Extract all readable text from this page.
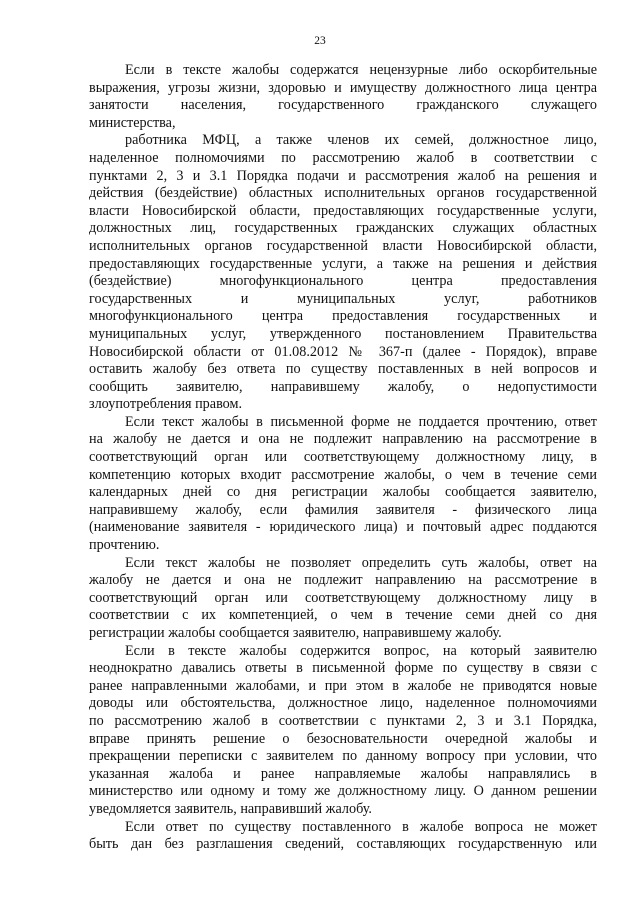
23
Если в тексте жалобы содержатся нецензурные либо оскорбительные
выражения, угрозы жизни, здоровью и имуществу должностного лица центра
занятости населения, государственного гражданского служащего
министерства,
работника МФЦ, а также членов их семей, должностное лицо,
наделенное полномочиями по рассмотрению жалоб в соответствии с
пунктами 2, 3 и 3.1 Порядка подачи и рассмотрения жалоб на решения и
действия (бездействие) областных исполнительных органов государственной
власти Новосибирской области, предоставляющих государственные услуги,
должностных лиц, государственных гражданских служащих областных
исполнительных органов государственной власти Новосибирской области,
предоставляющих государственные услуги, а также на решения и действия
(бездействие) многофункционального центра предоставления
государственных и муниципальных услуг, работников
многофункционального центра предоставления государственных и
муниципальных услуг, утвержденного постановлением Правительства
Новосибирской области от 01.08.2012 № 367-п (далее - Порядок), вправе
оставить жалобу без ответа по существу поставленных в ней вопросов и
сообщить заявителю, направившему жалобу, о недопустимости
злоупотребления правом.
Если текст жалобы в письменной форме не поддается прочтению, ответ
на жалобу не дается и она не подлежит направлению на рассмотрение в
соответствующий орган или соответствующему должностному лицу, в
компетенцию которых входит рассмотрение жалобы, о чем в течение семи
календарных дней со дня регистрации жалобы сообщается заявителю,
направившему жалобу, если фамилия заявителя - физического лица
(наименование заявителя - юридического лица) и почтовый адрес поддаются
прочтению.
Если текст жалобы не позволяет определить суть жалобы, ответ на
жалобу не дается и она не подлежит направлению на рассмотрение в
соответствующий орган или соответствующему должностному лицу в
соответствии с их компетенцией, о чем в течение семи дней со дня
регистрации жалобы сообщается заявителю, направившему жалобу.
Если в тексте жалобы содержится вопрос, на который заявителю
неоднократно давались ответы в письменной форме по существу в связи с
ранее направленными жалобами, и при этом в жалобе не приводятся новые
доводы или обстоятельства, должностное лицо, наделенное полномочиями
по рассмотрению жалоб в соответствии с пунктами 2, 3 и 3.1 Порядка,
вправе принять решение о безосновательности очередной жалобы и
прекращении переписки с заявителем по данному вопросу при условии, что
указанная жалоба и ранее направляемые жалобы направлялись в
министерство или одному и тому же должностному лицу. О данном решении
уведомляется заявитель, направивший жалобу.
Если ответ по существу поставленного в жалобе вопроса не может
быть дан без разглашения сведений, составляющих государственную или
